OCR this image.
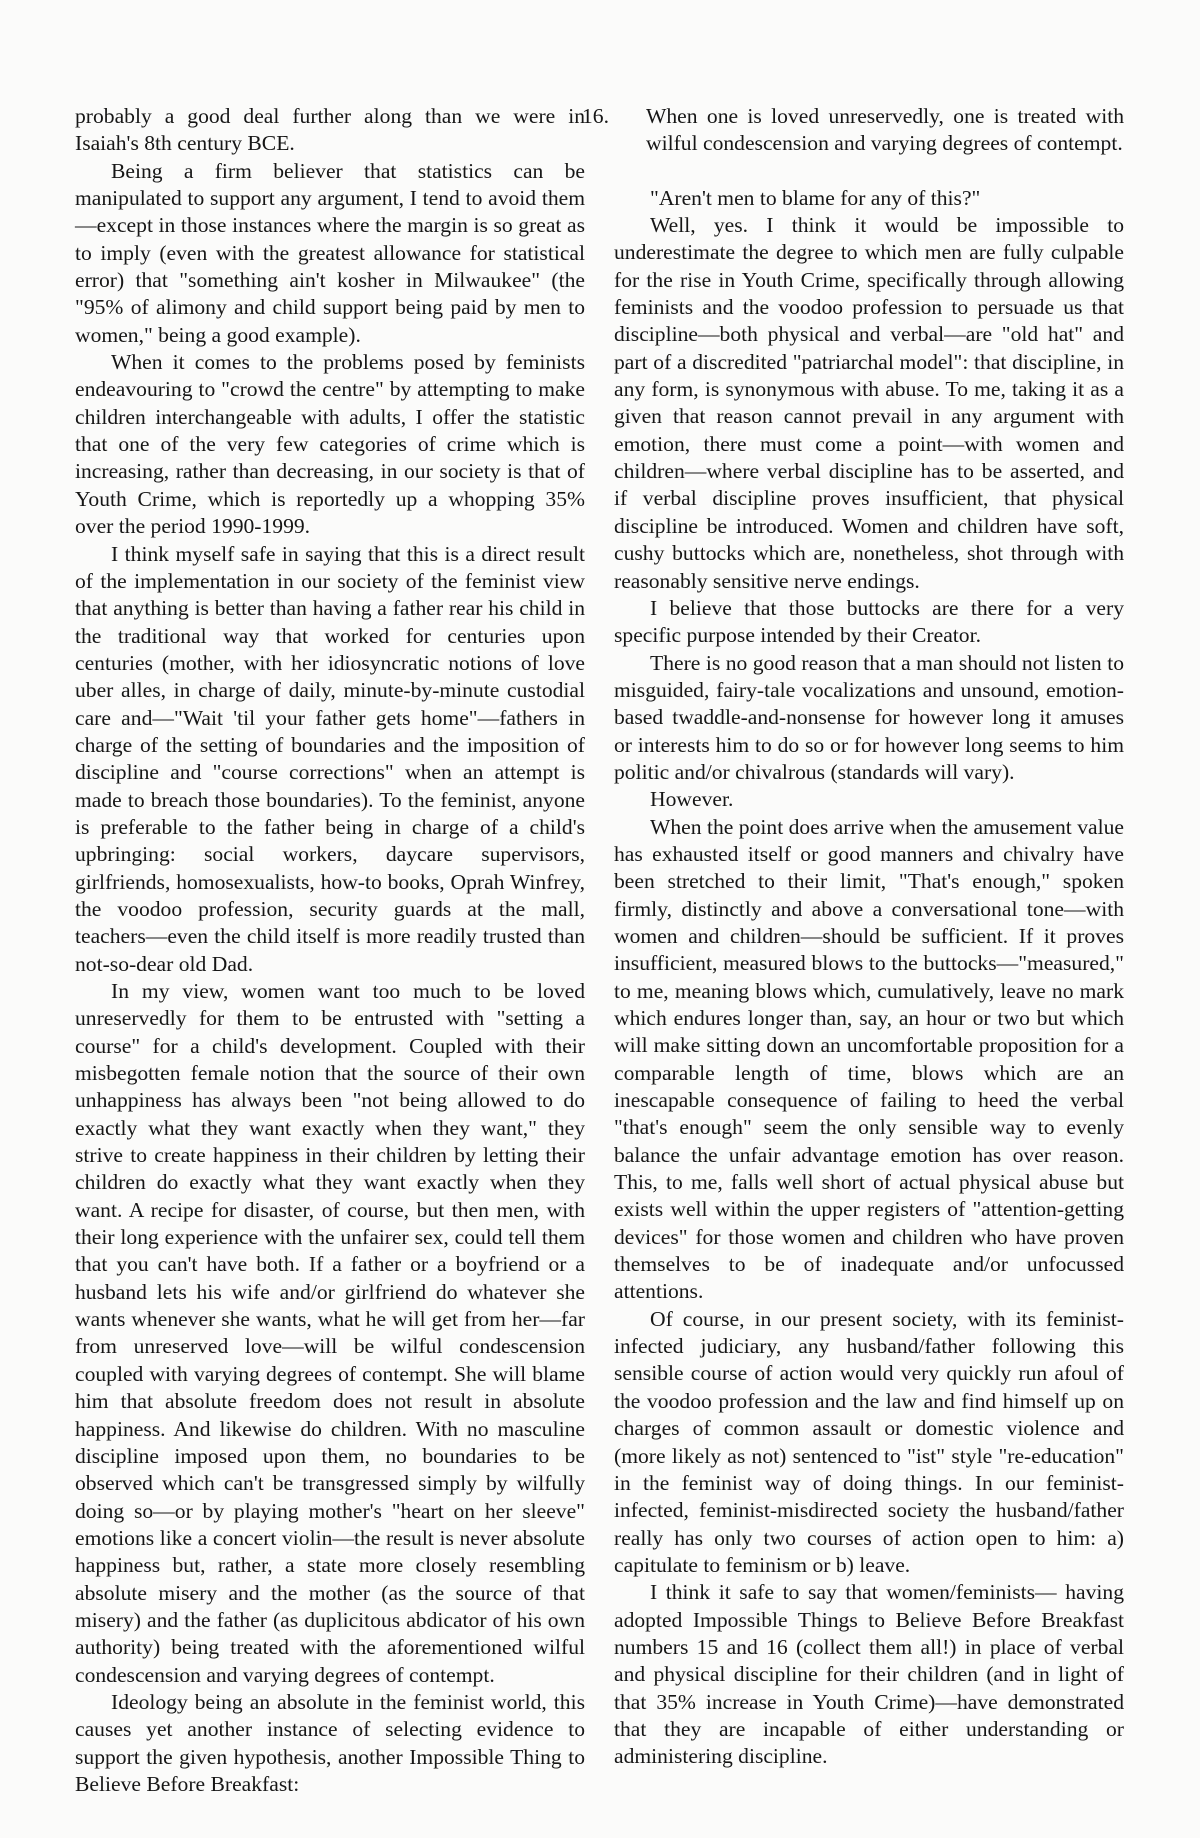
probably a good deal further along than we were in Isaiah's 8th century BCE.

Being a firm believer that statistics can be manipulated to support any argument, I tend to avoid them—except in those instances where the margin is so great as to imply (even with the greatest allowance for statistical error) that "something ain't kosher in Milwaukee" (the "95% of alimony and child support being paid by men to women," being a good example).

When it comes to the problems posed by feminists endeavouring to "crowd the centre" by attempting to make children interchangeable with adults, I offer the statistic that one of the very few categories of crime which is increasing, rather than decreasing, in our society is that of Youth Crime, which is reportedly up a whopping 35% over the period 1990-1999.

I think myself safe in saying that this is a direct result of the implementation in our society of the feminist view that anything is better than having a father rear his child in the traditional way that worked for centuries upon centuries (mother, with her idiosyncratic notions of love uber alles, in charge of daily, minute-by-minute custodial care and—"Wait 'til your father gets home"—fathers in charge of the setting of boundaries and the imposition of discipline and "course corrections" when an attempt is made to breach those boundaries). To the feminist, anyone is preferable to the father being in charge of a child's upbringing: social workers, daycare supervisors, girlfriends, homosexualists, how-to books, Oprah Winfrey, the voodoo profession, security guards at the mall, teachers—even the child itself is more readily trusted than not-so-dear old Dad.

In my view, women want too much to be loved unreservedly for them to be entrusted with "setting a course" for a child's development. Coupled with their misbegotten female notion that the source of their own unhappiness has always been "not being allowed to do exactly what they want exactly when they want," they strive to create happiness in their children by letting their children do exactly what they want exactly when they want. A recipe for disaster, of course, but then men, with their long experience with the unfairer sex, could tell them that you can't have both. If a father or a boyfriend or a husband lets his wife and/or girlfriend do whatever she wants whenever she wants, what he will get from her—far from unreserved love—will be wilful condescension coupled with varying degrees of contempt. She will blame him that absolute freedom does not result in absolute happiness. And likewise do children. With no masculine discipline imposed upon them, no boundaries to be observed which can't be transgressed simply by wilfully doing so—or by playing mother's "heart on her sleeve" emotions like a concert violin—the result is never absolute happiness but, rather, a state more closely resembling absolute misery and the mother (as the source of that misery) and the father (as duplicitous abdicator of his own authority) being treated with the aforementioned wilful condescension and varying degrees of contempt.

Ideology being an absolute in the feminist world, this causes yet another instance of selecting evidence to support the given hypothesis, another Impossible Thing to Believe Before Breakfast:

16. When one is loved unreservedly, one is treated with wilful condescension and varying degrees of contempt.

"Aren't men to blame for any of this?"

Well, yes. I think it would be impossible to underestimate the degree to which men are fully culpable for the rise in Youth Crime, specifically through allowing feminists and the voodoo profession to persuade us that discipline—both physical and verbal—are "old hat" and part of a discredited "patriarchal model": that discipline, in any form, is synonymous with abuse. To me, taking it as a given that reason cannot prevail in any argument with emotion, there must come a point—with women and children—where verbal discipline has to be asserted, and if verbal discipline proves insufficient, that physical discipline be introduced. Women and children have soft, cushy buttocks which are, nonetheless, shot through with reasonably sensitive nerve endings.

I believe that those buttocks are there for a very specific purpose intended by their Creator.

There is no good reason that a man should not listen to misguided, fairy-tale vocalizations and unsound, emotion-based twaddle-and-nonsense for however long it amuses or interests him to do so or for however long seems to him politic and/or chivalrous (standards will vary).

However.

When the point does arrive when the amusement value has exhausted itself or good manners and chivalry have been stretched to their limit, "That's enough," spoken firmly, distinctly and above a conversational tone—with women and children—should be sufficient. If it proves insufficient, measured blows to the buttocks—"measured," to me, meaning blows which, cumulatively, leave no mark which endures longer than, say, an hour or two but which will make sitting down an uncomfortable proposition for a comparable length of time, blows which are an inescapable consequence of failing to heed the verbal "that's enough" seem the only sensible way to evenly balance the unfair advantage emotion has over reason. This, to me, falls well short of actual physical abuse but exists well within the upper registers of "attention-getting devices" for those women and children who have proven themselves to be of inadequate and/or unfocussed attentions.

Of course, in our present society, with its feminist-infected judiciary, any husband/father following this sensible course of action would very quickly run afoul of the voodoo profession and the law and find himself up on charges of common assault or domestic violence and (more likely as not) sentenced to "ist" style "re-education" in the feminist way of doing things. In our feminist-infected, feminist-misdirected society the husband/father really has only two courses of action open to him: a) capitulate to feminism or b) leave.

I think it safe to say that women/feminists— having adopted Impossible Things to Believe Before Breakfast numbers 15 and 16 (collect them all!) in place of verbal and physical discipline for their children (and in light of that 35% increase in Youth Crime)—have demonstrated that they are incapable of either understanding or administering discipline.
